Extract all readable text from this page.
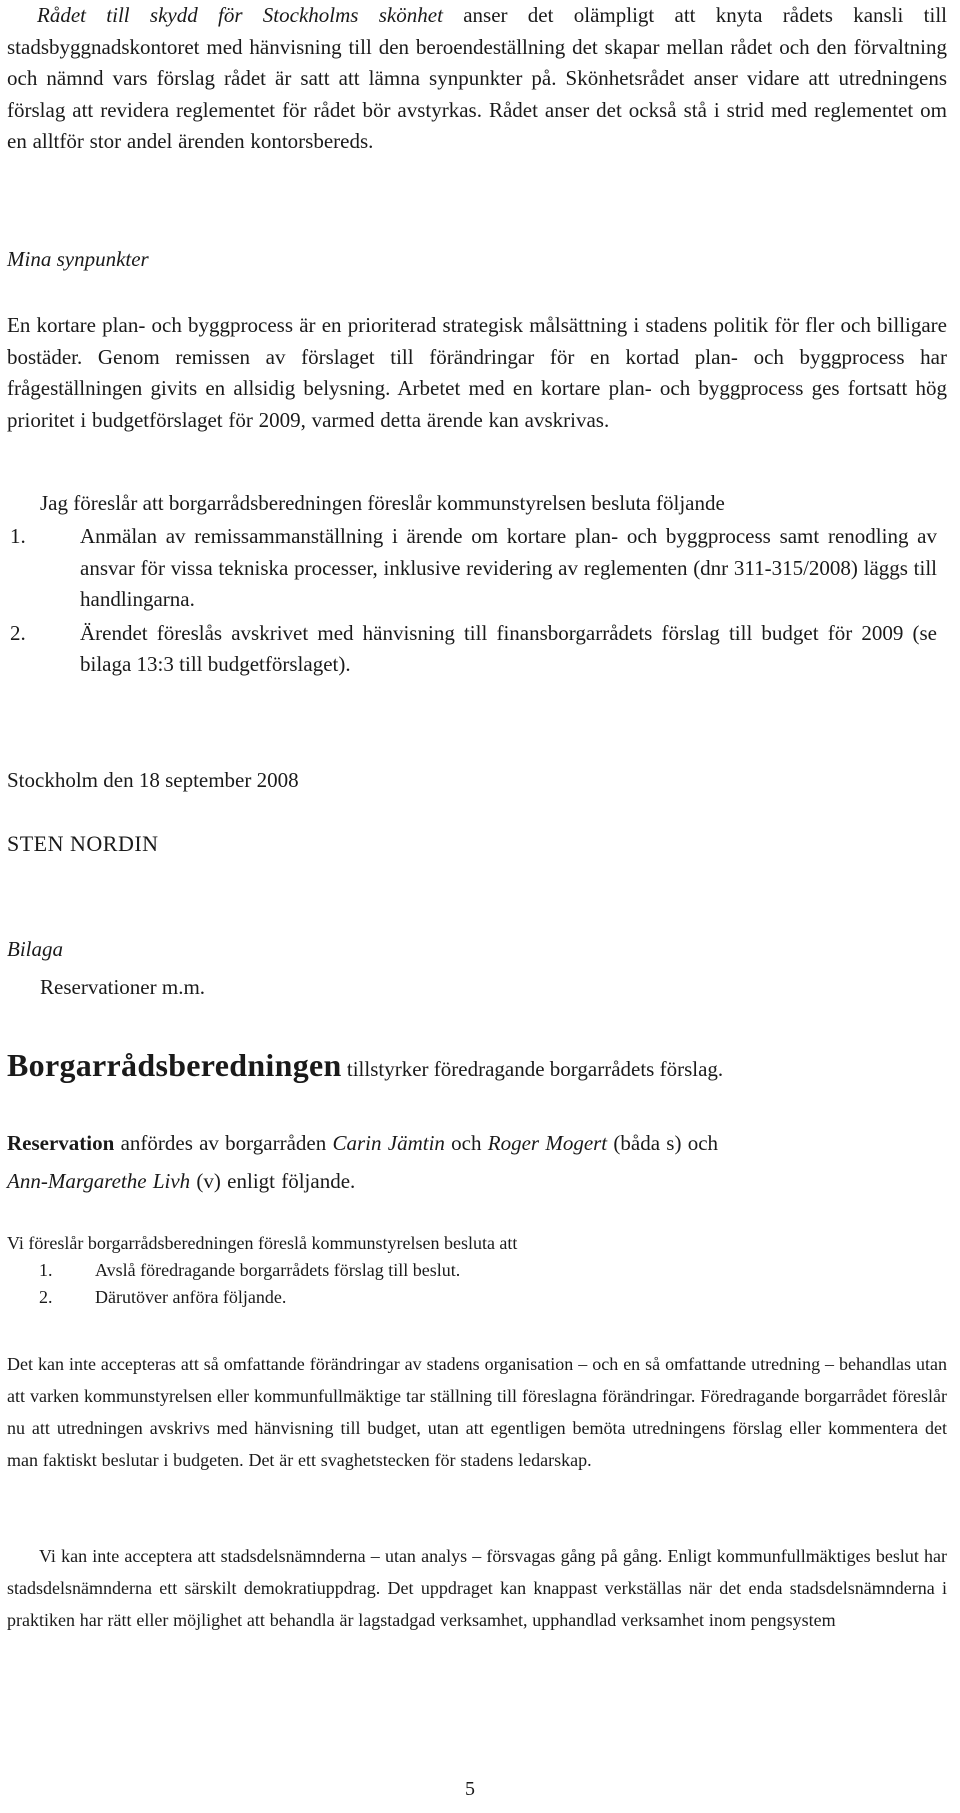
Rådet till skydd för Stockholms skönhet anser det olämpligt att knyta rådets kansli till stadsbyggnadskontoret med hänvisning till den beroendeställning det skapar mellan rådet och den förvaltning och nämnd vars förslag rådet är satt att lämna synpunkter på. Skönhetsrådet anser vidare att utredningens förslag att revidera reglementet för rådet bör avstyrkas. Rådet anser det också stå i strid med reglementet om en alltför stor andel ärenden kontorsbereds.

Mina synpunkter

En kortare plan- och byggprocess är en prioriterad strategisk målsättning i stadens politik för fler och billigare bostäder. Genom remissen av förslaget till förändringar för en kortad plan- och byggprocess har frågeställningen givits en allsidig belysning. Arbetet med en kortare plan- och byggprocess ges fortsatt hög prioritet i budgetförslaget för 2009, varmed detta ärende kan avskrivas.

Jag föreslår att borgarrådsberedningen föreslår kommunstyrelsen besluta följande
1.	Anmälan av remissammanställning i ärende om kortare plan- och byggprocess samt renodling av ansvar för vissa tekniska processer, inklusive revidering av reglementen (dnr 311-315/2008) läggs till handlingarna.
2.	Ärendet föreslås avskrivet med hänvisning till finansborgarrådets förslag till budget för 2009 (se bilaga 13:3 till budgetförslaget).
Stockholm den 18 september 2008
STEN NORDIN
Bilaga
Reservationer m.m.
Borgarrådsberedningen tillstyrker föredragande borgarrådets förslag.
Reservation anfördes av borgarråden Carin Jämtin och Roger Mogert (båda s) och
Ann-Margarethe Livh (v) enligt följande.
Vi föreslår borgarrådsberedningen föreslå kommunstyrelsen besluta att
1. Avslå föredragande borgarrådets förslag till beslut.
2. Därutöver anföra följande.

Det kan inte accepteras att så omfattande förändringar av stadens organisation – och en så omfattande utredning – behandlas utan att varken kommunstyrelsen eller kommunfullmäktige tar ställning till föreslagna förändringar. Föredragande borgarrådet föreslår nu att utredningen avskrivs med hänvisning till budget, utan att egentligen bemöta utredningens förslag eller kommentera det man faktiskt beslutar i budgeten. Det är ett svaghetstecken för stadens ledarskap.

Vi kan inte acceptera att stadsdelsnämnderna – utan analys – försvagas gång på gång. Enligt kommunfullmäktiges beslut har stadsdelsnämnderna ett särskilt demokratiuppdrag. Det uppdraget kan knappast verkställas när det enda stadsdelsnämnderna i praktiken har rätt eller möjlighet att behandla är lagstadgad verksamhet, upphandlad verksamhet inom pengsystem

5
